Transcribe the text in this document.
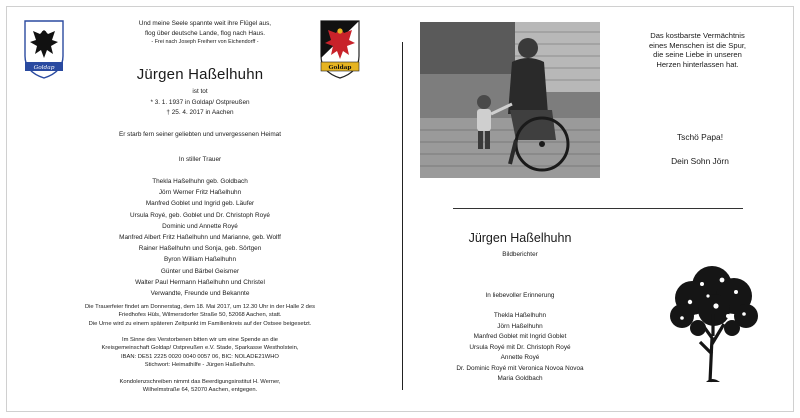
Goldap	Goldap
Und meine Seele spannte weit ihre Flügel aus,
flog über deutsche Lande, flog nach Haus.
- Frei nach Joseph Freiherr von Eichendorff -
Jürgen Haßelhuhn
ist tot
* 3. 1. 1937 in Goldap/ Ostpreußen
† 25. 4. 2017 in Aachen
Er starb fern seiner geliebten und unvergessenen Heimat
In stiller Trauer
Thekla Haßelhuhn geb. Goldbach
Jörn Werner Fritz Haßelhuhn
Manfred Goblet und Ingrid geb. Läufer
Ursula Royé, geb. Goblet und Dr. Christoph Royé
Dominic und Annette Royé
Manfred Albert Fritz Haßelhuhn und Marianne, geb. Wolff
Rainer Haßelhuhn und Sonja, geb. Sörtgen
Byron William Haßelhuhn
Günter und Bärbel Geismer
Walter Paul Hermann Haßelhuhn und Christel
Verwandte, Freunde und Bekannte
Die Trauerfeier findet am Donnerstag, dem 18. Mai 2017, um 12.30 Uhr in der Halle 2 des
Friedhofes Hüls, Wilmersdorfer Straße 50, 52068 Aachen, statt.
Die Urne wird zu einem späteren Zeitpunkt im Familienkreis auf der Ostsee beigesetzt.
Im Sinne des Verstorbenen bitten wir um eine Spende an die
Kreisgemeinschaft Goldap/ Ostpreußen e.V. Stade, Sparkasse Westholstein,
IBAN: DE51 2225 0020 0040 0057 06, BIC: NOLADE21WHO
Stichwort: Heimathilfe - Jürgen Haßelhuhn.
Kondolenzschreiben nimmt das Beerdigungsinstitut H. Werner,
Wilhelmstraße 64, 52070 Aachen, entgegen.
Das kostbarste Vermächtnis
eines Menschen ist die Spur,
die seine Liebe in unseren
Herzen hinterlassen hat.
Tschö Papa!
Dein Sohn Jörn
Jürgen Haßelhuhn
Bildberichter
In liebevoller Erinnerung
Thekla Haßelhuhn
Jörn Haßelhuhn
Manfred Goblet mit Ingrid Goblet
Ursula Royé mit Dr. Christoph Royé
Annette Royé
Dr. Dominic Royé mit Veronica Novoa Novoa
Maria Goldbach
